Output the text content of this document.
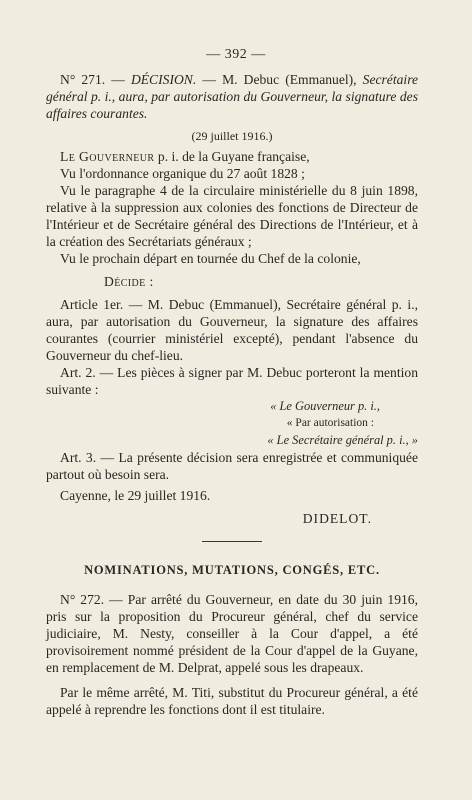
— 392 —

N° 271. — DÉCISION. — M. Debuc (Emmanuel), Secrétaire général p. i., aura, par autorisation du Gouverneur, la signature des affaires courantes.

(29 juillet 1916.)

Le Gouverneur p. i. de la Guyane française,

Vu l'ordonnance organique du 27 août 1828 ;

Vu le paragraphe 4 de la circulaire ministérielle du 8 juin 1898, relative à la suppression aux colonies des fonctions de Directeur de l'Intérieur et de Secrétaire général des Directions de l'Intérieur, et à la création des Secrétariats généraux ;

Vu le prochain départ en tournée du Chef de la colonie,

Décide :

Article 1er. — M. Debuc (Emmanuel), Secrétaire général p. i., aura, par autorisation du Gouverneur, la signature des affaires courantes (courrier ministériel excepté), pendant l'absence du Gouverneur du chef-lieu.

Art. 2. — Les pièces à signer par M. Debuc porteront la mention suivante :

« Le Gouverneur p. i.,
« Par autorisation :
« Le Secrétaire général p. i., »

Art. 3. — La présente décision sera enregistrée et communiquée partout où besoin sera.

Cayenne, le 29 juillet 1916.

DIDELOT.
NOMINATIONS, MUTATIONS, CONGÉS, ETC.

N° 272. — Par arrêté du Gouverneur, en date du 30 juin 1916, pris sur la proposition du Procureur général, chef du service judiciaire, M. Nesty, conseiller à la Cour d'appel, a été provisoirement nommé président de la Cour d'appel de la Guyane, en remplacement de M. Delprat, appelé sous les drapeaux.

Par le même arrêté, M. Titi, substitut du Procureur général, a été appelé à reprendre les fonctions dont il est titulaire.
